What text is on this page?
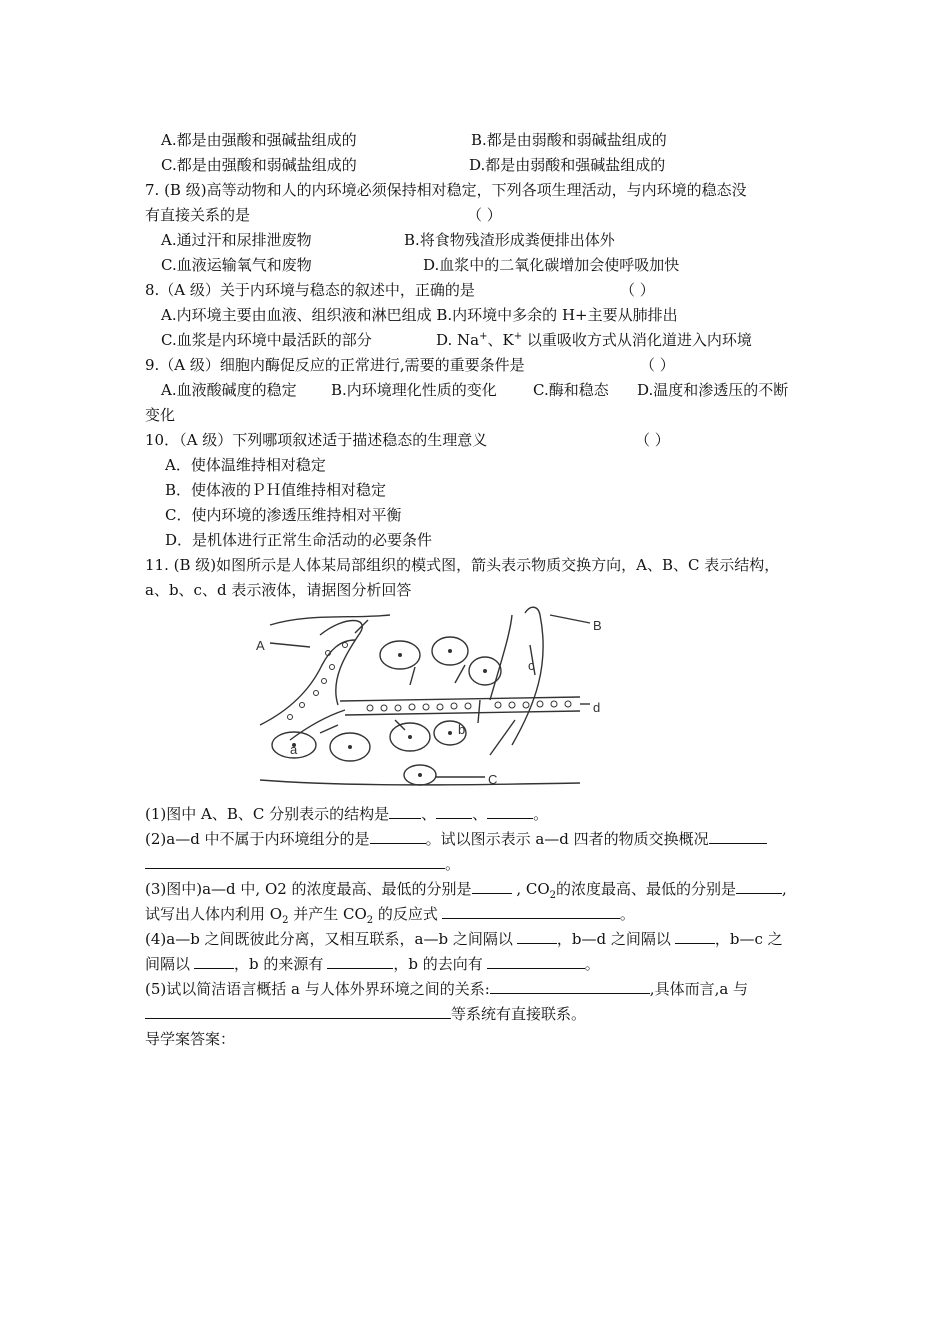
A.都是由强酸和强碱盐组成的	B.都是由弱酸和弱碱盐组成的
C.都是由强酸和弱碱盐组成的	D.都是由弱酸和强碱盐组成的
7. (B 级)高等动物和人的内环境必须保持相对稳定，下列各项生理活动，与内环境的稳态没
有直接关系的是	（ ）
A.通过汗和尿排泄废物	B.将食物残渣形成粪便排出体外
C.血液运输氧气和废物	D.血浆中的二氧化碳增加会使呼吸加快
8.（A 级）关于内环境与稳态的叙述中，正确的是	（ ）
A.内环境主要由血液、组织液和淋巴组成 B.内环境中多余的 H+主要从肺排出
C.血浆是内环境中最活跃的部分	D. Na+、K+ 以重吸收方式从消化道进入内环境
9.（A 级）细胞内酶促反应的正常进行,需要的重要条件是	（ ）
A.血液酸碱度的稳定 B.内环境理化性质的变化 C.酶和稳态 D.温度和渗透压的不断
变化
10．（A 级）下列哪项叙述适于描述稳态的生理意义	（ ）
A．使体温维持相对稳定
B．使体液的ＰＨ值维持相对稳定
C．使内环境的渗透压维持相对平衡
D．是机体进行正常生命活动的必要条件
11. (B 级)如图所示是人体某局部组织的模式图，箭头表示物质交换方向，A、B、C 表示结构，
a、b、c、d 表示液体，请据图分析回答
A
B
C
a
b
c
d
(1)图中 A、B、C 分别表示的结构是 、 、	。
(2)a—d 中不属于内环境组分的是	。试以图示表示 a—d 四者的物质交换概况
。
(3)图中)a—d 中, O2 的浓度最高、最低的分别是	, $CO_2$的浓度最高、最低的分别是	,
试写出人体内利用 $O_2$ 并产生 $CO_2$ 的反应式	。
(4)a—b 之间既彼此分离，又相互联系，a—b 之间隔以	，b—d 之间隔以	，b—c 之
间隔以	，b 的来源有	，b 的去向有	。
(5)试以简洁语言概括 a 与人体外界环境之间的关系:	,具体而言,a 与
等系统有直接联系。
导学案答案：
